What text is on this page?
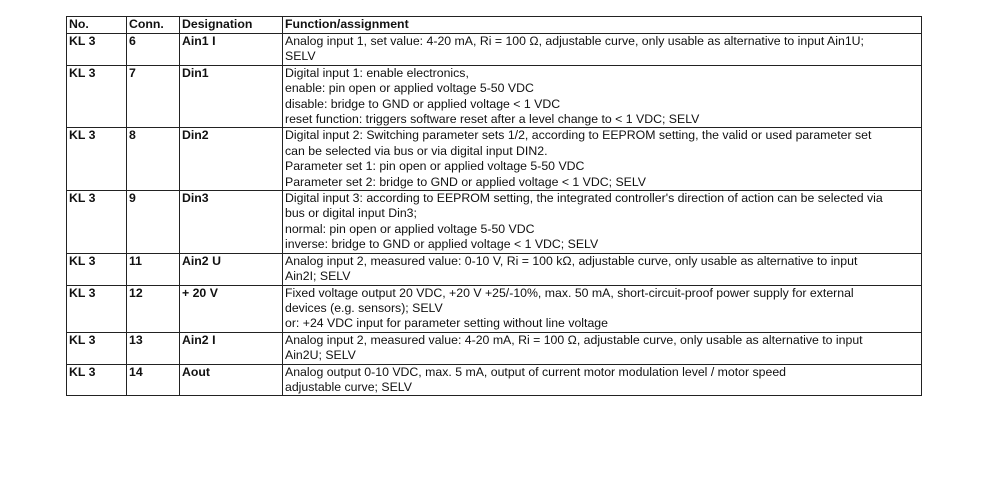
No.	Conn.	Designation	Function/assignment
KL 3	6	Ain1 I	Analog input 1, set value: 4-20 mA, Ri = 100 Ω, adjustable curve, only usable as alternative to input Ain1U;
SELV

KL 3	7	Din1	Digital input 1: enable electronics,
enable: pin open or applied voltage 5-50 VDC
disable: bridge to GND or applied voltage < 1 VDC
reset function: triggers software reset after a level change to < 1 VDC; SELV

KL 3	8	Din2	Digital input 2: Switching parameter sets 1/2, according to EEPROM setting, the valid or used parameter set
can be selected via bus or via digital input DIN2.
Parameter set 1: pin open or applied voltage 5-50 VDC
Parameter set 2: bridge to GND or applied voltage < 1 VDC; SELV

KL 3	9	Din3	Digital input 3: according to EEPROM setting, the integrated controller's direction of action can be selected via
bus or digital input Din3;
normal: pin open or applied voltage 5-50 VDC
inverse: bridge to GND or applied voltage < 1 VDC; SELV

KL 3	11	Ain2 U	Analog input 2, measured value: 0-10 V, Ri = 100 kΩ, adjustable curve, only usable as alternative to input
Ain2I; SELV

KL 3	12	+ 20 V	Fixed voltage output 20 VDC, +20 V +25/-10%, max. 50 mA, short-circuit-proof power supply for external
devices (e.g. sensors); SELV
or: +24 VDC input for parameter setting without line voltage

KL 3	13	Ain2 I	Analog input 2, measured value: 4-20 mA, Ri = 100 Ω, adjustable curve, only usable as alternative to input
Ain2U; SELV

KL 3	14	Aout	Analog output 0-10 VDC, max. 5 mA, output of current motor modulation level / motor speed
adjustable curve; SELV
